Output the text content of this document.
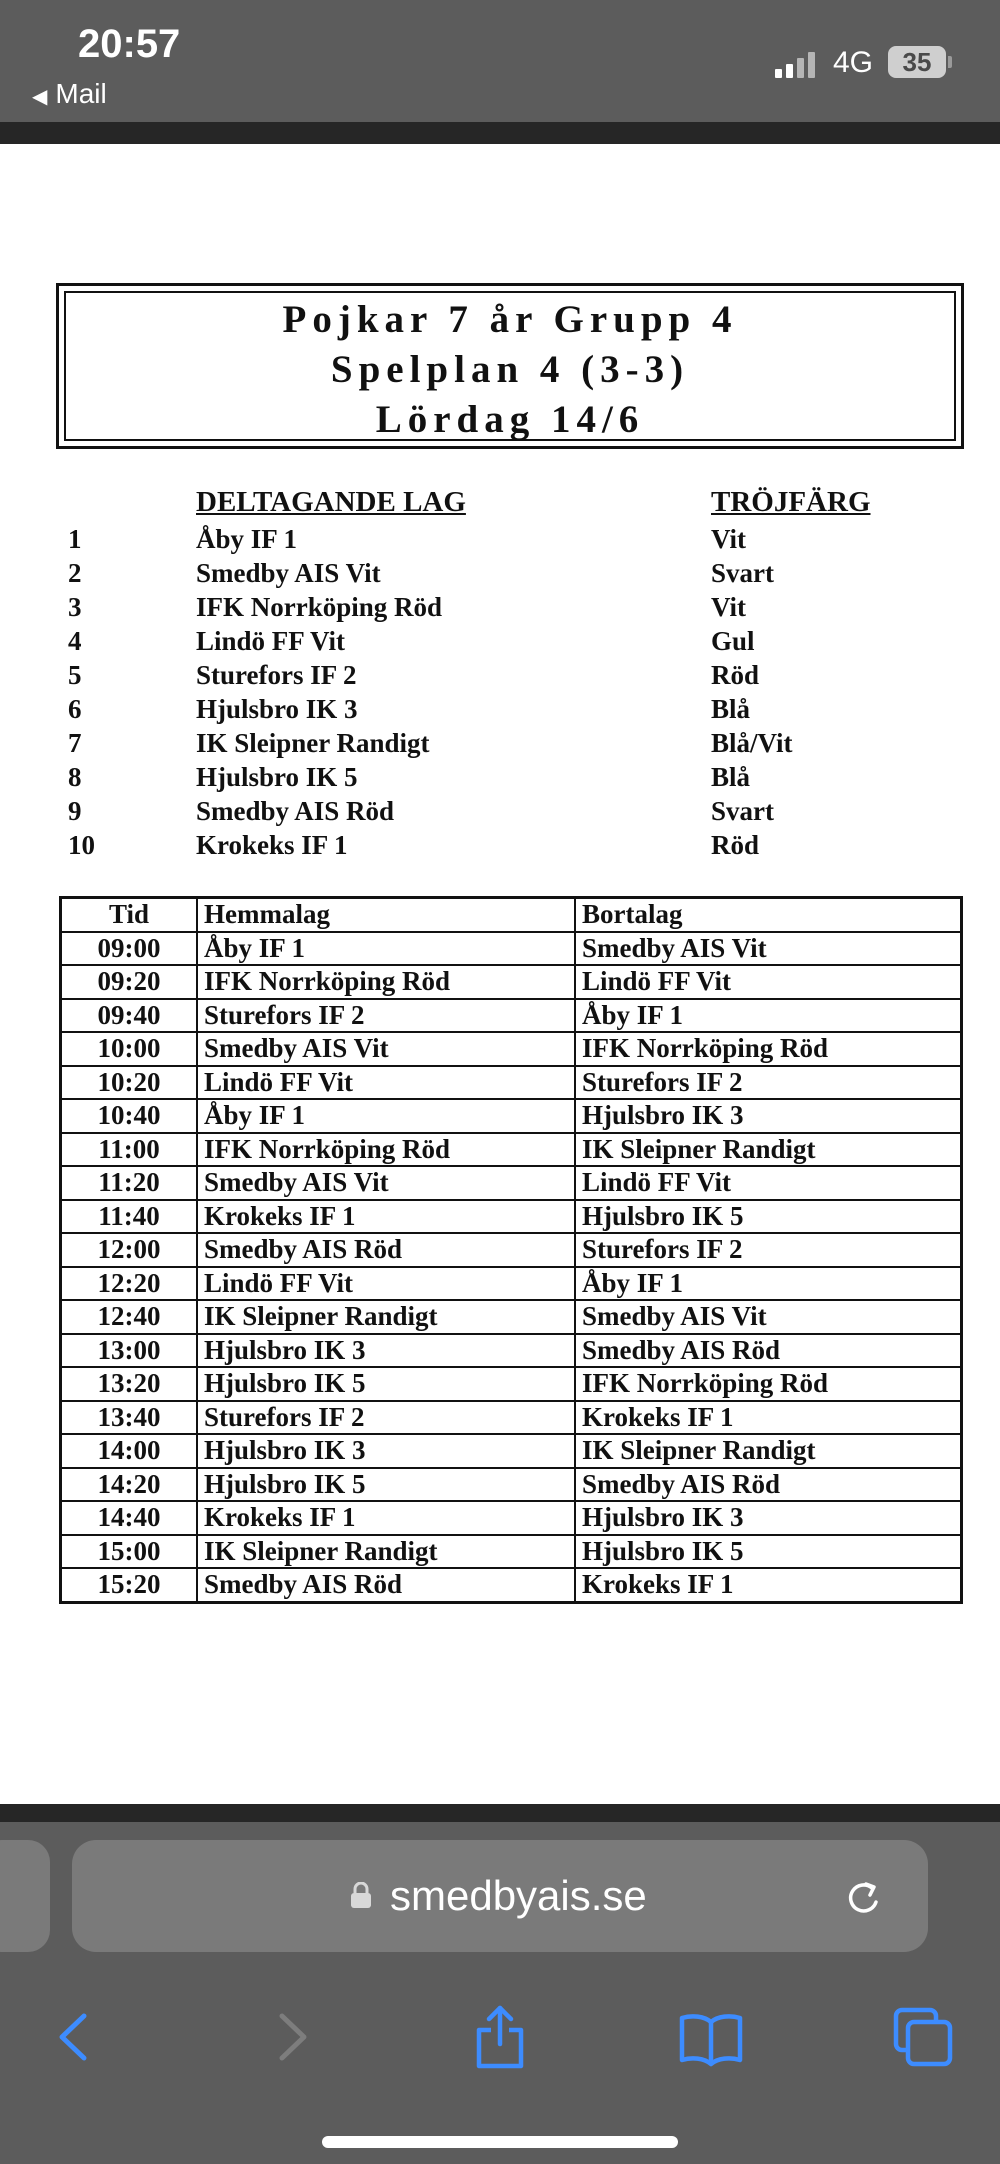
20:57
◀ Mail
4G	35
Pojkar 7 år Grupp 4
Spelplan 4 (3-3)
Lördag 14/6
DELTAGANDE LAG	TRÖJFÄRG
1	Åby IF 1	Vit
2	Smedby AIS Vit	Svart
3	IFK Norrköping Röd	Vit
4	Lindö FF Vit	Gul
5	Sturefors IF 2	Röd
6	Hjulsbro IK 3	Blå
7	IK Sleipner Randigt	Blå/Vit
8	Hjulsbro IK 5	Blå
9	Smedby AIS Röd	Svart
10	Krokeks IF 1	Röd
Tid	Hemmalag	Bortalag
09:00	Åby IF 1	Smedby AIS Vit
09:20	IFK Norrköping Röd	Lindö FF Vit
09:40	Sturefors IF 2	Åby IF 1
10:00	Smedby AIS Vit	IFK Norrköping Röd
10:20	Lindö FF Vit	Sturefors IF 2
10:40	Åby IF 1	Hjulsbro IK 3
11:00	IFK Norrköping Röd	IK Sleipner Randigt
11:20	Smedby AIS Vit	Lindö FF Vit
11:40	Krokeks IF 1	Hjulsbro IK 5
12:00	Smedby AIS Röd	Sturefors IF 2
12:20	Lindö FF Vit	Åby IF 1
12:40	IK Sleipner Randigt	Smedby AIS Vit
13:00	Hjulsbro IK 3	Smedby AIS Röd
13:20	Hjulsbro IK 5	IFK Norrköping Röd
13:40	Sturefors IF 2	Krokeks IF 1
14:00	Hjulsbro IK 3	IK Sleipner Randigt
14:20	Hjulsbro IK 5	Smedby AIS Röd
14:40	Krokeks IF 1	Hjulsbro IK 3
15:00	IK Sleipner Randigt	Hjulsbro IK 5
15:20	Smedby AIS Röd	Krokeks IF 1
smedbyais.se
